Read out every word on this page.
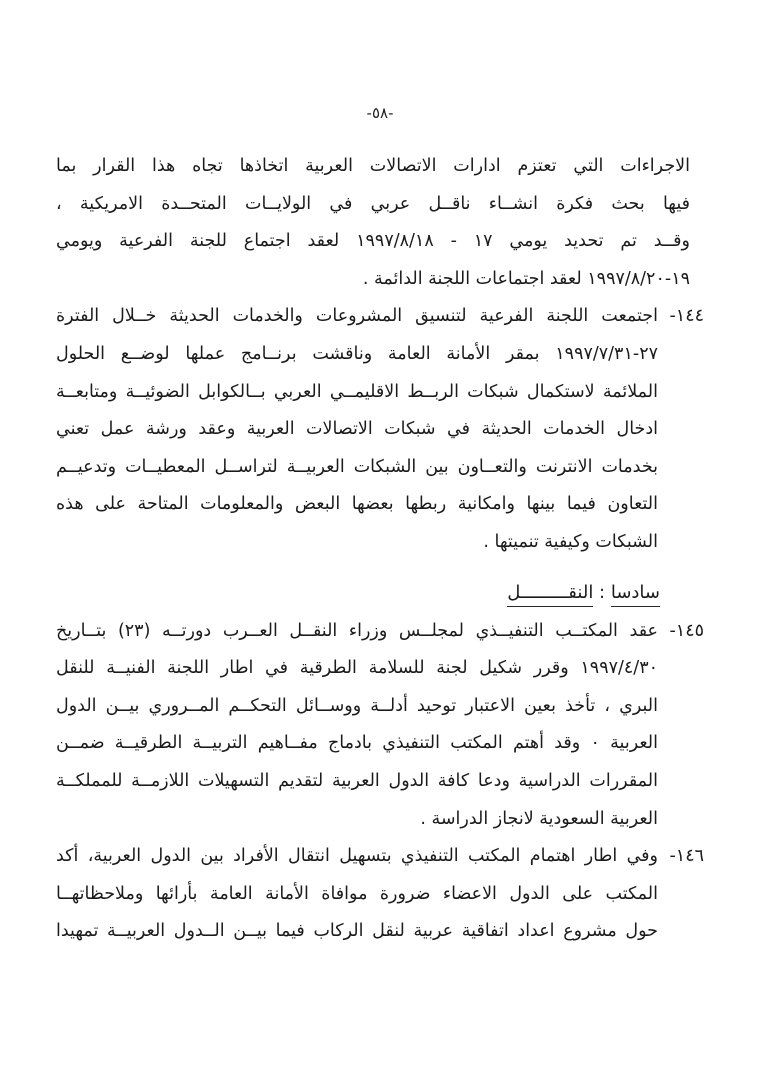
-٥٨-
الاجراءات التي تعتزم ادارات الاتصالات العربية اتخاذها تجاه هذا القرار بما
فيها بحث فكرة انشــاء ناقــل عربي في الولايــات المتحــدة الامريكية ،
وقــد تم تحديد يومي ١٧ - ١٩٩٧/٨/١٨ لعقد اجتماع للجنة الفرعية ويومي
١٩-١٩٩٧/٨/٢٠ لعقد اجتماعات اللجنة الدائمة .
١٤٤-
اجتمعت اللجنة الفرعية لتنسيق المشروعات والخدمات الحديثة خــلال الفترة
٢٧-١٩٩٧/٧/٣١ بمقر الأمانة العامة وناقشت برنــامج عملها لوضــع الحلول
الملائمة لاستكمال شبكات الربــط الاقليمــي العربي بــالكوابل الضوئيــة ومتابعــة
ادخال الخدمات الحديثة في شبكات الاتصالات العربية وعقد ورشة عمل تعني
بخدمات الانترنت والتعــاون بين الشبكات العربيــة لتراســل المعطيــات وتدعيــم
التعاون فيما بينها وامكانية ربطها بعضها البعض والمعلومات المتاحة على هذه
الشبكات وكيفية تنميتها .
سادسا : النقـــــــــل
١٤٥-
عقد المكتــب التنفيــذي لمجلــس وزراء النقــل العــرب دورتــه (٢٣) بتــاريخ
١٩٩٧/٤/٣٠ وقرر شكيل لجنة للسلامة الطرقية في اطار اللجنة الفنيــة للنقل
البري ، تأخذ بعين الاعتبار توحيد أدلــة ووســائل التحكــم المــروري بيــن الدول
العربية ٠ وقد أهتم المكتب التنفيذي بادماج مفــاهيم التربيــة الطرقيــة ضمــن
المقررات الدراسية ودعا كافة الدول العربية لتقديم التسهيلات اللازمــة للمملكــة
العربية السعودية لانجاز الدراسة .
١٤٦-
وفي اطار اهتمام المكتب التنفيذي بتسهيل انتقال الأفراد بين الدول العربية، أكد
المكتب على الدول الاعضاء ضرورة موافاة الأمانة العامة بأرائها وملاحظاتهــا
حول مشروع اعداد اتفاقية عربية لنقل الركاب فيما بيــن الــدول العربيــة تمهيدا
